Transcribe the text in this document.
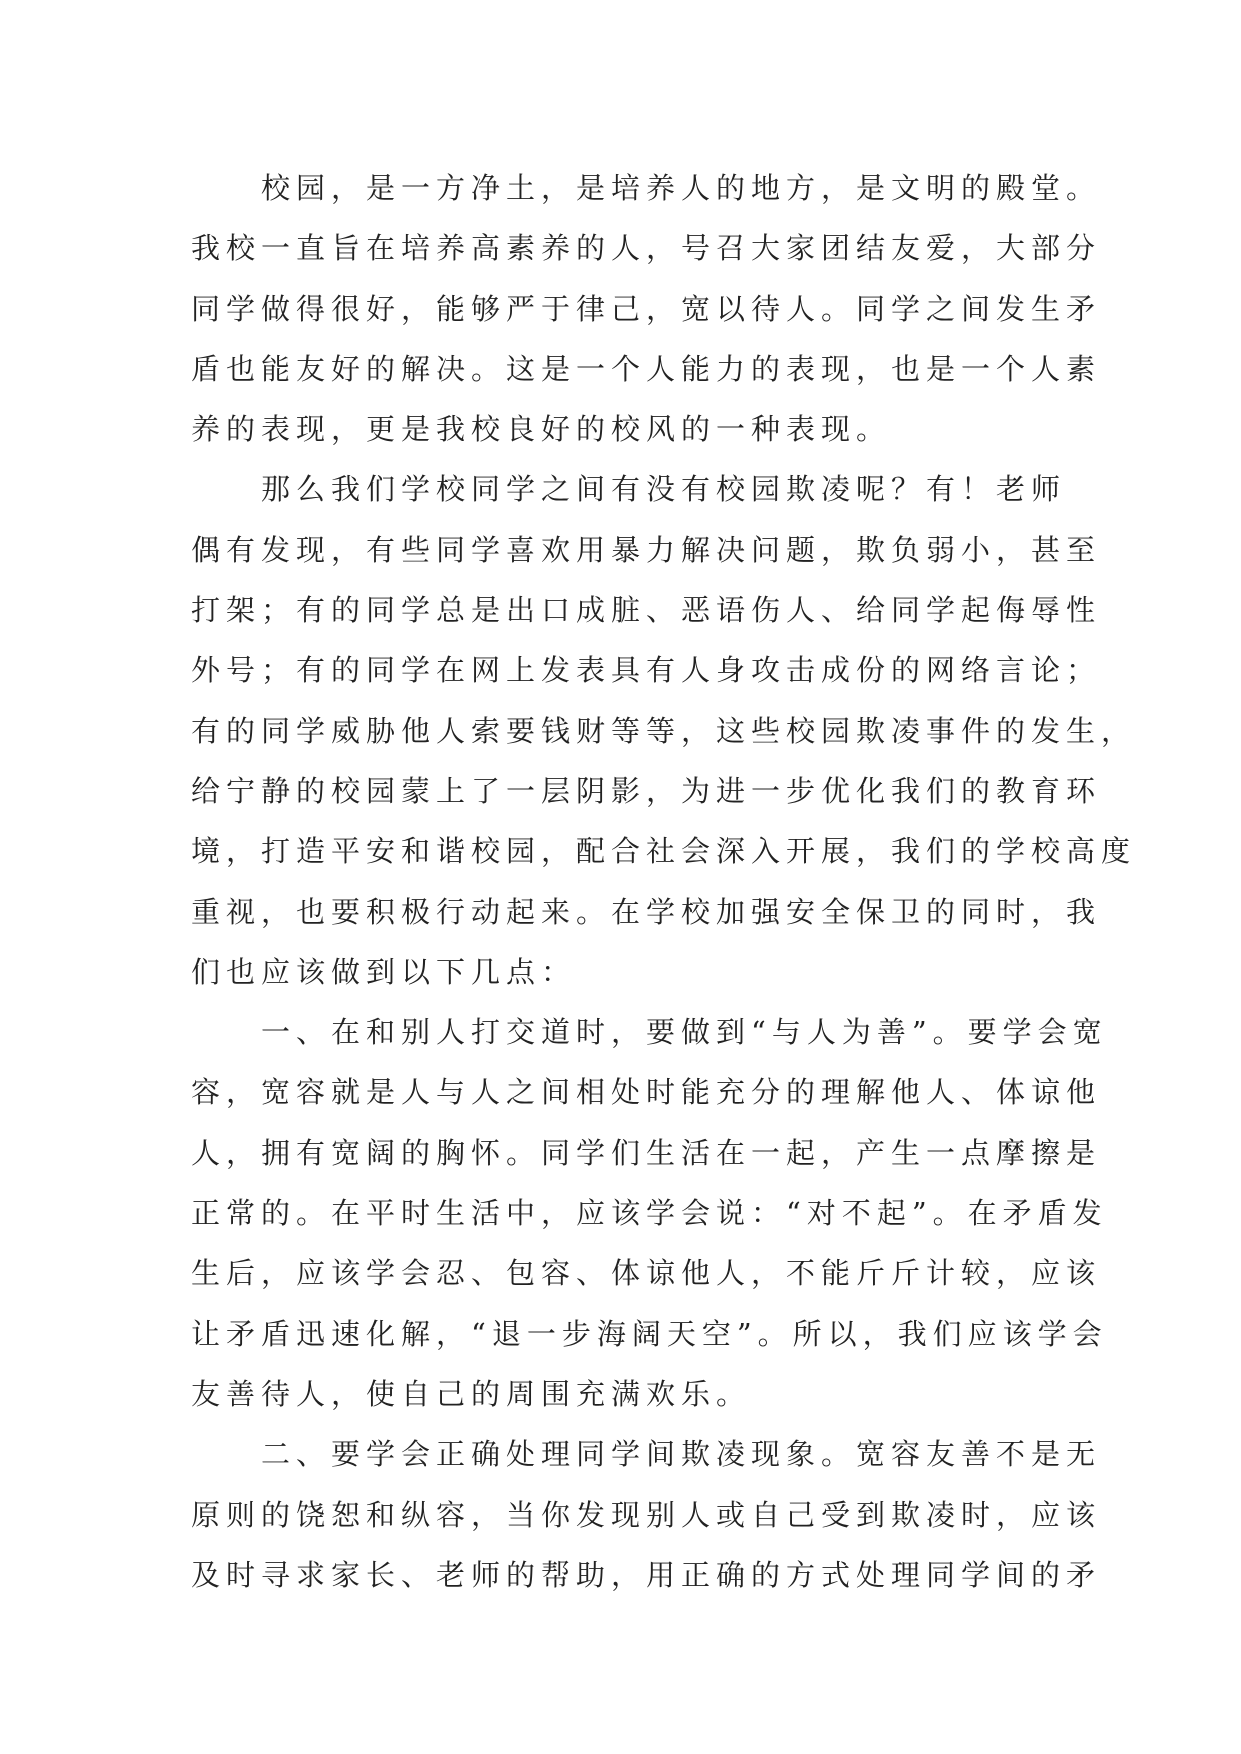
校园，是一方净土，是培养人的地方，是文明的殿堂。
我校一直旨在培养高素养的人，号召大家团结友爱，大部分
同学做得很好，能够严于律己，宽以待人。同学之间发生矛
盾也能友好的解决。这是一个人能力的表现，也是一个人素
养的表现，更是我校良好的校风的一种表现。

那么我们学校同学之间有没有校园欺凌呢？有！老师
偶有发现，有些同学喜欢用暴力解决问题，欺负弱小，甚至
打架；有的同学总是出口成脏、恶语伤人、给同学起侮辱性
外号；有的同学在网上发表具有人身攻击成份的网络言论；
有的同学威胁他人索要钱财等等，这些校园欺凌事件的发生，
给宁静的校园蒙上了一层阴影，为进一步优化我们的教育环
境，打造平安和谐校园，配合社会深入开展，我们的学校高度
重视，也要积极行动起来。在学校加强安全保卫的同时，我
们也应该做到以下几点：

一、在和别人打交道时，要做到“与人为善”。要学会宽
容，宽容就是人与人之间相处时能充分的理解他人、体谅他
人，拥有宽阔的胸怀。同学们生活在一起，产生一点摩擦是
正常的。在平时生活中，应该学会说：“对不起”。在矛盾发
生后，应该学会忍、包容、体谅他人，不能斤斤计较，应该
让矛盾迅速化解，“退一步海阔天空”。所以，我们应该学会
友善待人，使自己的周围充满欢乐。

二、要学会正确处理同学间欺凌现象。宽容友善不是无
原则的饶恕和纵容，当你发现别人或自己受到欺凌时，应该
及时寻求家长、老师的帮助，用正确的方式处理同学间的矛
